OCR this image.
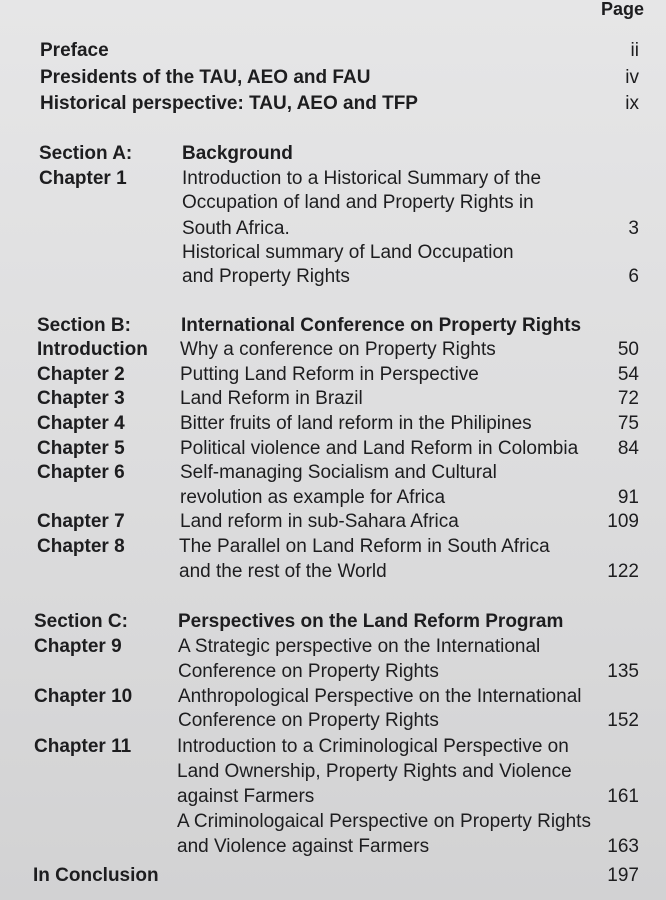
Page
Preface	ii
Presidents of the TAU, AEO and FAU	iv
Historical perspective: TAU, AEO and TFP	ix
Section A:	Background
Chapter 1	Introduction to a Historical Summary of the
Occupation of land and Property Rights in
South Africa.	3
Historical summary of Land Occupation
and Property Rights	6
Section B:	International Conference on Property Rights
Introduction Why a conference on Property Rights	50
Chapter 2	Putting Land Reform in Perspective	54
Chapter 3	Land Reform in Brazil	72
Chapter 4	Bitter fruits of land reform in the Philipines	75
Chapter 5	Political violence and Land Reform in Colombia 84
Chapter 6	Self-managing Socialism and Cultural
revolution as example for Africa	91
Chapter 7	Land reform in sub-Sahara Africa	109
Chapter 8	The Parallel on Land Reform in South Africa
and the rest of the World	122
Section C:	Perspectives on the Land Reform Program
Chapter 9	A Strategic perspective on the International
Conference on Property Rights	135
Chapter 10 Anthropological Perspective on the International
Conference on Property Rights	152
Chapter 11 Introduction to a Criminological Perspective on
Land Ownership, Property Rights and Violence
against Farmers	161
A Criminologaical Perspective on Property Rights
and Violence against Farmers	163
In Conclusion	197
